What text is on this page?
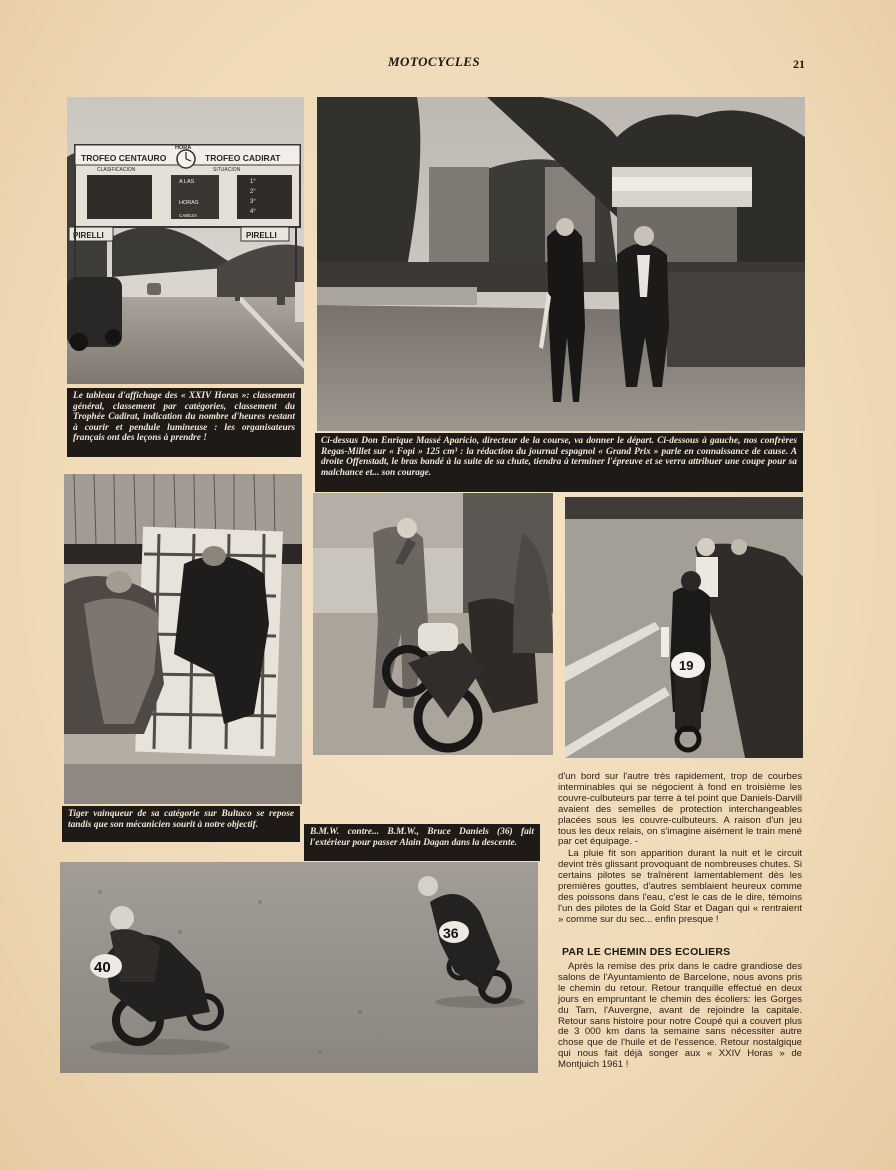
MOTOCYCLES	21
TROFEO CENTAURO	TROFEO CADIRAT
HORA
CLASIFICACION	SITUACION
A LAS
HORAS
CABEZA
1°
2°
3°
4°
PIRELLI	PIRELLI
Le tableau d'affichage des « XXIV Horas »: classement général, classement par catégories, classement du Trophée Cadirat, indication du nombre d'heures restant à courir et pendule lumineuse : les organisateurs français ont des leçons à prendre !	Ci-dessus Don Enrique Massé Aparicio, directeur de la course, va donner le départ. Ci-dessous à gauche, nos confrères Regas-Millet sur « Fopi » 125 cm³ : la rédaction du journal espagnol « Grand Prix » parle en connaissance de cause. A droite Offenstadt, le bras bandé à la suite de sa chute, tiendra à terminer l'épreuve et se verra attribuer une coupe pour sa malchance et... son courage.
19
Tiger vainqueur de sa catégorie sur Bultaco se repose tandis que son mécanicien sourit à notre objectif.
B.M.W. contre... B.M.W., Bruce Daniels (36) fait l'extérieur pour passer Alain Dagan dans la descente.
40
36

d'un bord sur l'autre très rapidement, trop de courbes interminables qui se négocient à fond en troisième les couvre-culbuteurs par terre à tel point que Daniels-Darvill avaient des semelles de protection interchangeables placées sous les couvre-culbuteurs. A raison d'un jeu tous les deux relais, on s'imagine aisément le train mené par cet équipage. -

La pluie fit son apparition durant la nuit et le circuit devint très glissant provoquant de nombreuses chutes. Si certains pilotes se traînèrent lamentablement dès les premières gouttes, d'autres semblaient heureux comme des poissons dans l'eau, c'est le cas de le dire, témoins l'un des pilotes de la Gold Star et Dagan qui « rentraient » comme sur du sec... enfin presque !

PAR LE CHEMIN DES ECOLIERS

Après la remise des prix dans le cadre grandiose des salons de l'Ayuntamiento de Barcelone, nous avons pris le chemin du retour. Retour tranquille effectué en deux jours en empruntant le chemin des écoliers: les Gorges du Tarn, l'Auvergne, avant de rejoindre la capitale. Retour sans histoire pour notre Coupé qui a couvert plus de 3 000 km dans la semaine sans nécessiter autre chose que de l'huile et de l'essence. Retour nostalgique qui nous fait déjà songer aux « XXIV Horas » de Montjuich 1961 !
